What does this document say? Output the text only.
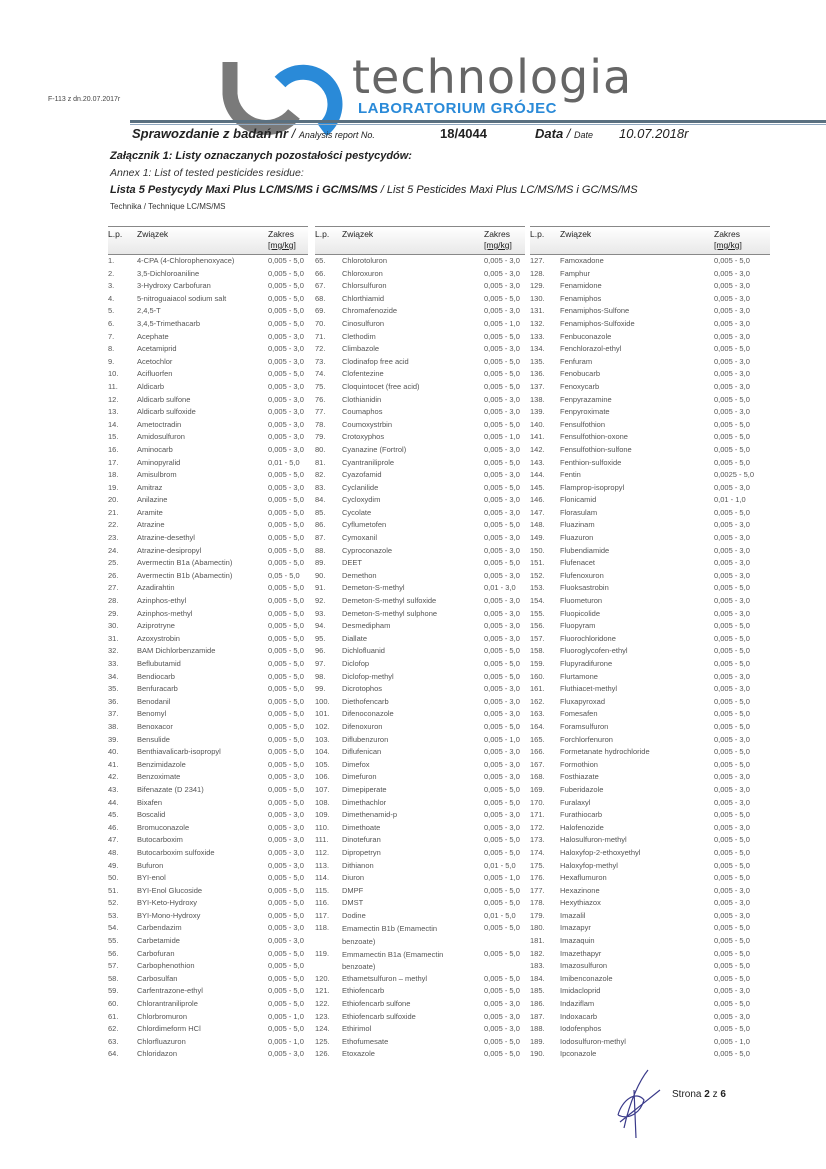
F-113 z dn.20.07.2017r	technologia
LABORATORIUM GRÓJEC
Sprawozdanie z badań nr / Analysis report No.	18/4044	Data / Date 10.07.2018r
Załącznik 1: Listy oznaczanych pozostałości pestycydów:
Annex 1: List of tested pesticides residue:
Lista 5 Pestycydy Maxi Plus LC/MS/MS i GC/MS/MS / List 5 Pesticides Maxi Plus LC/MS/MS i GC/MS/MS
Technika / Technique LC/MS/MS
L.p. Związek	Zakres
[mg/kg]
1.	4-CPA (4-Chlorophenoxyace)	0,005 - 5,0
2.	3,5-Dichloroaniline	0,005 - 5,0
3.	3-Hydroxy Carbofuran	0,005 - 5,0
4.	5-nitroguaiacol sodium salt	0,005 - 5,0
5.	2,4,5-T	0,005 - 5,0
6.	3,4,5-Trimethacarb	0,005 - 5,0
7.	Acephate	0,005 - 3,0
8.	Acetamiprid	0,005 - 3,0
9.	Acetochlor	0,005 - 3,0
10. Acifluorfen	0,005 - 5,0
11.	Aldicarb	0,005 - 3,0
12. Aldicarb sulfone	0,005 - 3,0
13. Aldicarb sulfoxide	0,005 - 3,0
14. Ametoctradin	0,005 - 3,0
15. Amidosulfuron	0,005 - 3,0
16. Aminocarb	0,005 - 3,0
17. Aminopyralid	0,01 - 5,0
18. Amisulbrom	0,005 - 5,0
19. Amitraz	0,005 - 3,0
20. Anilazine	0,005 - 5,0
21. Aramite	0,005 - 5,0
22. Atrazine	0,005 - 5,0
23. Atrazine-desethyl	0,005 - 5,0
24. Atrazine-desipropyl	0,005 - 5,0
25. Avermectin B1a (Abamectin)	0,005 - 5,0
26. Avermectin B1b (Abamectin)	0,05 - 5,0
27. Azadirahtin	0,005 - 5,0
28. Azinphos-ethyl	0,005 - 5,0
29. Azinphos-methyl	0,005 - 5,0
30. Aziprotryne	0,005 - 5,0
31. Azoxystrobin	0,005 - 5,0
32. BAM Dichlorbenzamide	0,005 - 5,0
33. Beflubutamid	0,005 - 5,0
34. Bendiocarb	0,005 - 5,0
35. Benfuracarb	0,005 - 5,0
36. Benodanil	0,005 - 5,0
37. Benomyl	0,005 - 5,0
38. Benoxacor	0,005 - 5,0
39. Bensulide	0,005 - 5,0
40. Benthiavalicarb-isopropyl	0,005 - 5,0
41. Benzimidazole	0,005 - 5,0
42. Benzoximate	0,005 - 3,0
43. Bifenazate (D 2341)	0,005 - 5,0
44. Bixafen	0,005 - 5,0
45. Boscalid	0,005 - 3,0
46. Bromuconazole	0,005 - 3,0
47. Butocarboxim	0,005 - 3,0
48. Butocarboxim sulfoxide	0,005 - 3,0
49. Bufuron	0,005 - 3,0
50. BYI-enol	0,005 - 5,0
51. BYI-Enol Glucoside	0,005 - 5,0
52. BYI-Keto-Hydroxy	0,005 - 5,0
53. BYI-Mono-Hydroxy	0,005 - 5,0
54. Carbendazim	0,005 - 3,0
55. Carbetamide	0,005 - 3,0
56. Carbofuran	0,005 - 5,0
57. Carbophenothion	0,005 - 5,0
58. Carbosulfan	0,005 - 5,0
59. Carfentrazone-ethyl	0,005 - 5,0
60. Chlorantraniliprole	0,005 - 5,0
61. Chlorbromuron	0,005 - 1,0
62. Chlordimeform HCl	0,005 - 5,0
63. Chlorfluazuron	0,005 - 1,0
64. Chloridazon	0,005 - 3,0
L.p. Związek	Zakres
[mg/kg]
65. Chlorotoluron	0,005 - 3,0
66. Chloroxuron	0,005 - 3,0
67. Chlorsulfuron	0,005 - 3,0
68. Chlorthiamid	0,005 - 5,0
69. Chromafenozide	0,005 - 3,0
70. Cinosulfuron	0,005 - 1,0
71. Clethodim	0,005 - 5,0
72. Climbazole	0,005 - 3,0
73. Clodinafop free acid	0,005 - 5,0
74. Clofentezine	0,005 - 5,0
75. Cloquintocet (free acid)	0,005 - 5,0
76. Clothianidin	0,005 - 3,0
77. Coumaphos	0,005 - 3,0
78. Coumoxystrbin	0,005 - 5,0
79. Crotoxyphos	0,005 - 1,0
80. Cyanazine (Fortrol)	0,005 - 3,0
81. Cyantraniliprole	0,005 - 5,0
82. Cyazofamid	0,005 - 3,0
83. Cyclanilide	0,005 - 5,0
84. Cycloxydim	0,005 - 3,0
85. Cycolate	0,005 - 3,0
86. Cyflumetofen	0,005 - 5,0
87. Cymoxanil	0,005 - 3,0
88. Cyproconazole	0,005 - 3,0
89. DEET	0,005 - 5,0
90. Demethon	0,005 - 3,0
91. Demeton-S-methyl	0,01 - 3,0
92. Demeton-S-methyl sulfoxide	0,005 - 3,0
93. Demeton-S-methyl sulphone	0,005 - 3,0
94. Desmedipham	0,005 - 3,0
95. Diallate	0,005 - 3,0
96. Dichlofluanid	0,005 - 5,0
97. Diclofop	0,005 - 5,0
98. Diclofop-methyl	0,005 - 5,0
99. Dicrotophos	0,005 - 3,0
100. Diethofencarb	0,005 - 3,0
101. Difenoconazole	0,005 - 3,0
102. Difenoxuron	0,005 - 5,0
103. Diflubenzuron	0,005 - 1,0
104. Diflufenican	0,005 - 3,0
105. Dimefox	0,005 - 3,0
106. Dimefuron	0,005 - 3,0
107. Dimepiperate	0,005 - 5,0
108. Dimethachlor	0,005 - 5,0
109. Dimethenamid-p	0,005 - 3,0
110. Dimethoate	0,005 - 3,0
111. Dinotefuran	0,005 - 5,0
112. Dipropetryn	0,005 - 5,0
113. Dithianon	0,01 - 5,0
114. Diuron	0,005 - 1,0
115. DMPF	0,005 - 5,0
116. DMST	0,005 - 5,0
117. Dodine	0,01 - 5,0
118. Emamectin B1b (Emamectin benzoate)
0,005 - 5,0
119. Emmamectin B1a (Emamectin benzoate)
0,005 - 5,0
120. Ethametsulfuron – methyl	0,005 - 5,0
121. Ethiofencarb	0,005 - 5,0
122. Ethiofencarb sulfone	0,005 - 3,0
123. Ethiofencarb sulfoxide	0,005 - 3,0
124. Ethirimol	0,005 - 3,0
125. Ethofumesate	0,005 - 5,0
126. Etoxazole	0,005 - 5,0
L.p. Związek	Zakres
[mg/kg]
127. Famoxadone	0,005 - 5,0
128. Famphur	0,005 - 3,0
129. Fenamidone	0,005 - 3,0
130. Fenamiphos	0,005 - 3,0
131. Fenamiphos-Sulfone	0,005 - 3,0
132. Fenamiphos-Sulfoxide	0,005 - 3,0
133. Fenbuconazole	0,005 - 3,0
134. Fenchlorazol-ethyl	0,005 - 5,0
135. Fenfuram	0,005 - 3,0
136. Fenobucarb	0,005 - 3,0
137. Fenoxycarb	0,005 - 3,0
138. Fenpyrazamine	0,005 - 5,0
139. Fenpyroximate	0,005 - 3,0
140. Fensulfothion	0,005 - 5,0
141. Fensulfothion-oxone	0,005 - 5,0
142. Fensulfothion-sulfone	0,005 - 5,0
143. Fenthion-sulfoxide	0,005 - 5,0
144. Fentin	0,0025 - 5,0
145. Flamprop-isopropyl	0,005 - 3,0
146. Flonicamid	0,01 - 1,0
147. Florasulam	0,005 - 5,0
148. Fluazinam	0,005 - 3,0
149. Fluazuron	0,005 - 3,0
150. Flubendiamide	0,005 - 3,0
151. Flufenacet	0,005 - 3,0
152. Flufenoxuron	0,005 - 3,0
153. Fluoksastrobin	0,005 - 5,0
154. Fluometuron	0,005 - 3,0
155. Fluopicolide	0,005 - 3,0
156. Fluopyram	0,005 - 5,0
157. Fluorochloridone	0,005 - 5,0
158. Fluoroglycofen-ethyl	0,005 - 5,0
159. Flupyradifurone	0,005 - 5,0
160. Flurtamone	0,005 - 3,0
161. Fluthiacet-methyl	0,005 - 3,0
162. Fluxapyroxad	0,005 - 5,0
163. Fomesafen	0,005 - 5,0
164. Foramsulfuron	0,005 - 5,0
165. Forchlorfenuron	0,005 - 3,0
166. Formetanate hydrochloride	0,005 - 5,0
167. Formothion	0,005 - 5,0
168. Fosthiazate	0,005 - 3,0
169. Fuberidazole	0,005 - 3,0
170. Furalaxyl	0,005 - 3,0
171. Furathiocarb	0,005 - 5,0
172. Halofenozide	0,005 - 3,0
173. Halosulfuron-methyl	0,005 - 5,0
174. Haloxyfop-2-ethoxyethyl	0,005 - 5,0
175. Haloxyfop-methyl	0,005 - 5,0
176. Hexaflumuron	0,005 - 5,0
177. Hexazinone	0,005 - 3,0
178. Hexythiazox	0,005 - 3,0
179. Imazalil	0,005 - 3,0
180. Imazapyr	0,005 - 5,0
181. Imazaquin	0,005 - 5,0
182. Imazethapyr	0,005 - 5,0
183. Imazosulfuron	0,005 - 5,0
184. Imibenconazole	0,005 - 5,0
185. Imidacloprid	0,005 - 3,0
186. Indaziflam	0,005 - 5,0
187. Indoxacarb	0,005 - 3,0
188. Iodofenphos	0,005 - 5,0
189. Iodosulfuron-methyl	0,005 - 1,0
190. Ipconazole	0,005 - 5,0
Strona 2 z 6
